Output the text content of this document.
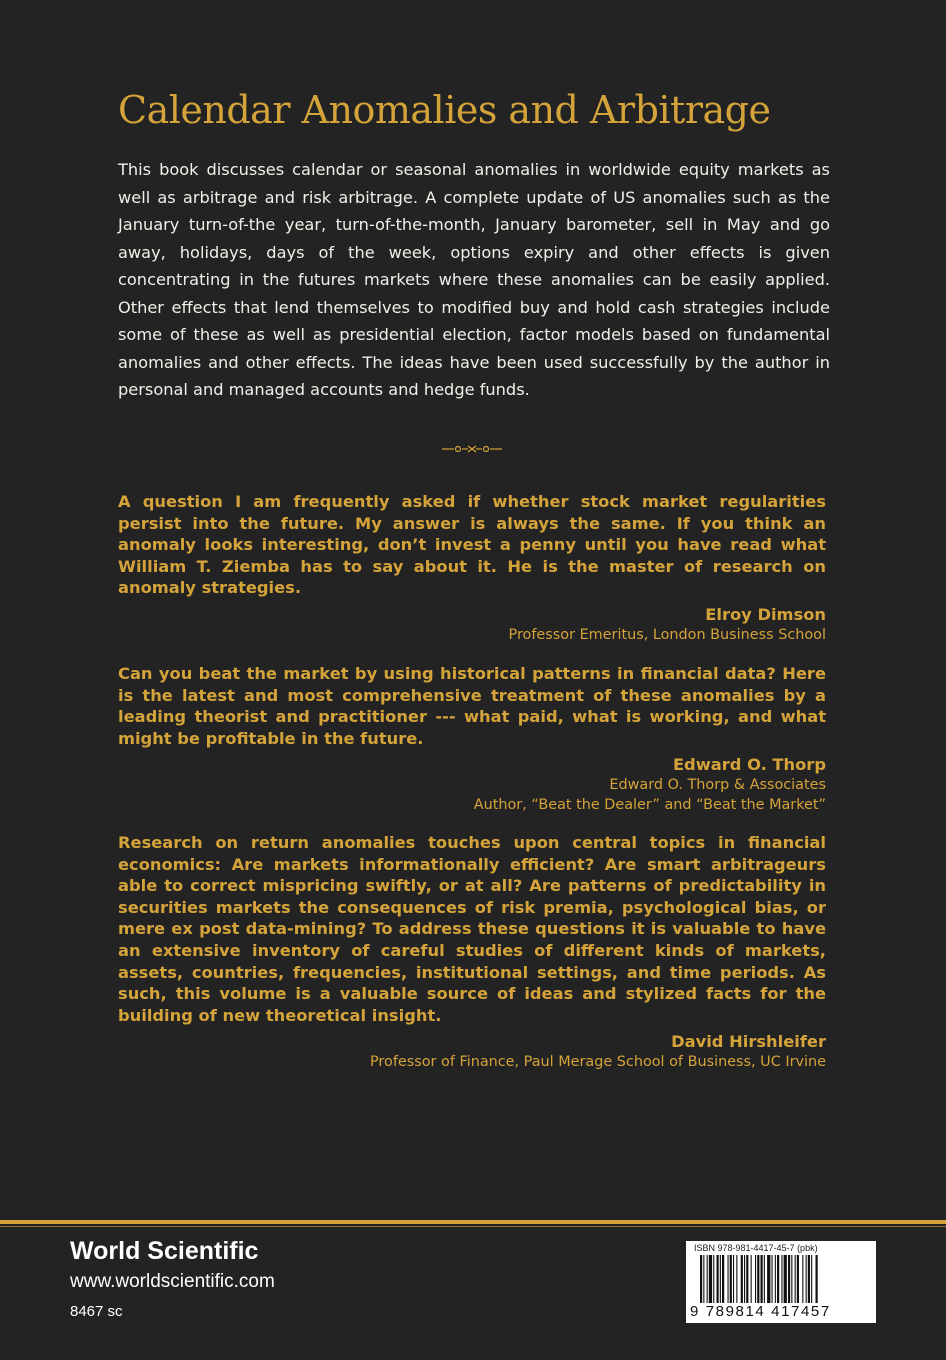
Calendar Anomalies and Arbitrage

This book discusses calendar or seasonal anomalies in worldwide equity markets as well as arbitrage and risk arbitrage. A complete update of US anomalies such as the January turn-of-the year, turn-of-the-month, January barometer, sell in May and go away, holidays, days of the week, options expiry and other effects is given concentrating in the futures markets where these anomalies can be easily applied. Other effects that lend themselves to modified buy and hold cash strategies include some of these as well as presidential election, factor models based on fundamental anomalies and other effects. The ideas have been used successfully by the author in personal and managed accounts and hedge funds.

A question I am frequently asked if whether stock market regularities persist into the future. My answer is always the same. If you think an anomaly looks interesting, don’t invest a penny until you have read what William T. Ziemba has to say about it. He is the master of research on anomaly strategies.

Elroy Dimson
Professor Emeritus, London Business School

Can you beat the market by using historical patterns in financial data? Here is the latest and most comprehensive treatment of these anomalies by a leading theorist and practitioner --- what paid, what is working, and what might be profitable in the future.

Edward O. Thorp
Edward O. Thorp & Associates
Author, “Beat the Dealer” and “Beat the Market”

Research on return anomalies touches upon central topics in financial economics: Are markets informationally efficient? Are smart arbitrageurs able to correct mispricing swiftly, or at all? Are patterns of predictability in securities markets the consequences of risk premia, psychological bias, or mere ex post data-mining? To address these questions it is valuable to have an extensive inventory of careful studies of different kinds of markets, assets, countries, frequencies, institutional settings, and time periods. As such, this volume is a valuable source of ideas and stylized facts for the building of new theoretical insight.

David Hirshleifer
Professor of Finance, Paul Merage School of Business, UC Irvine
World Scientific
www.worldscientific.com
8467 sc
ISBN 978-981-4417-45-7 (pbk)
9 789814 417457
